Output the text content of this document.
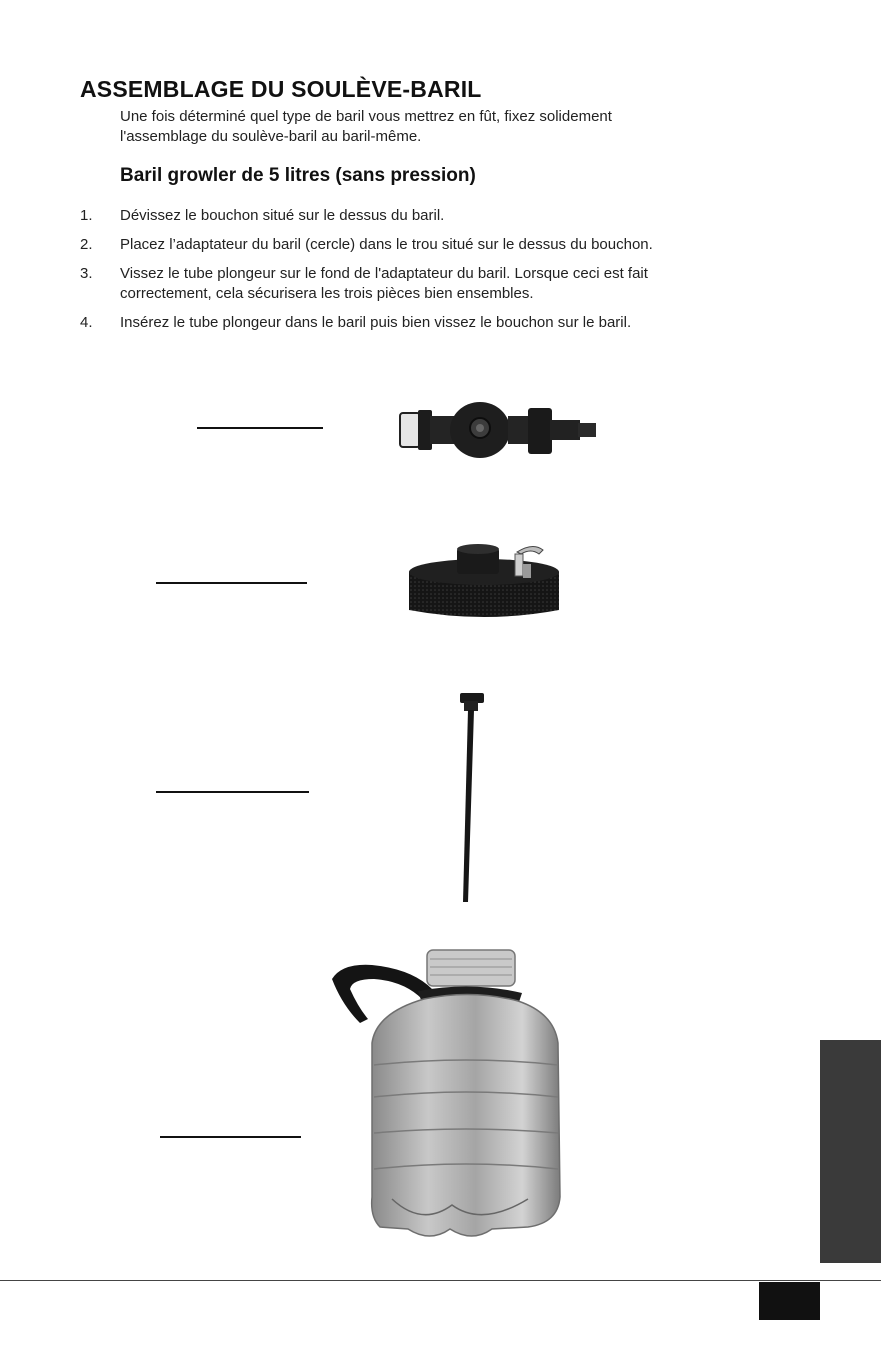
ASSEMBLAGE DU SOULÈVE-BARIL
Une fois déterminé quel type de baril vous mettrez en fût, fixez solidement l'assemblage du soulève-baril au baril-même.
Baril growler de 5 litres (sans pression)
1. Dévissez le bouchon situé sur le dessus du baril.
2. Placez l’adaptateur du baril (cercle) dans le trou situé sur le dessus du bouchon.
3. Vissez le tube plongeur sur le fond de l'adaptateur du baril. Lorsque ceci est fait correctement, cela sécurisera les trois pièces bien ensembles.
4. Insérez le tube plongeur dans le baril puis bien vissez le bouchon sur le baril.
